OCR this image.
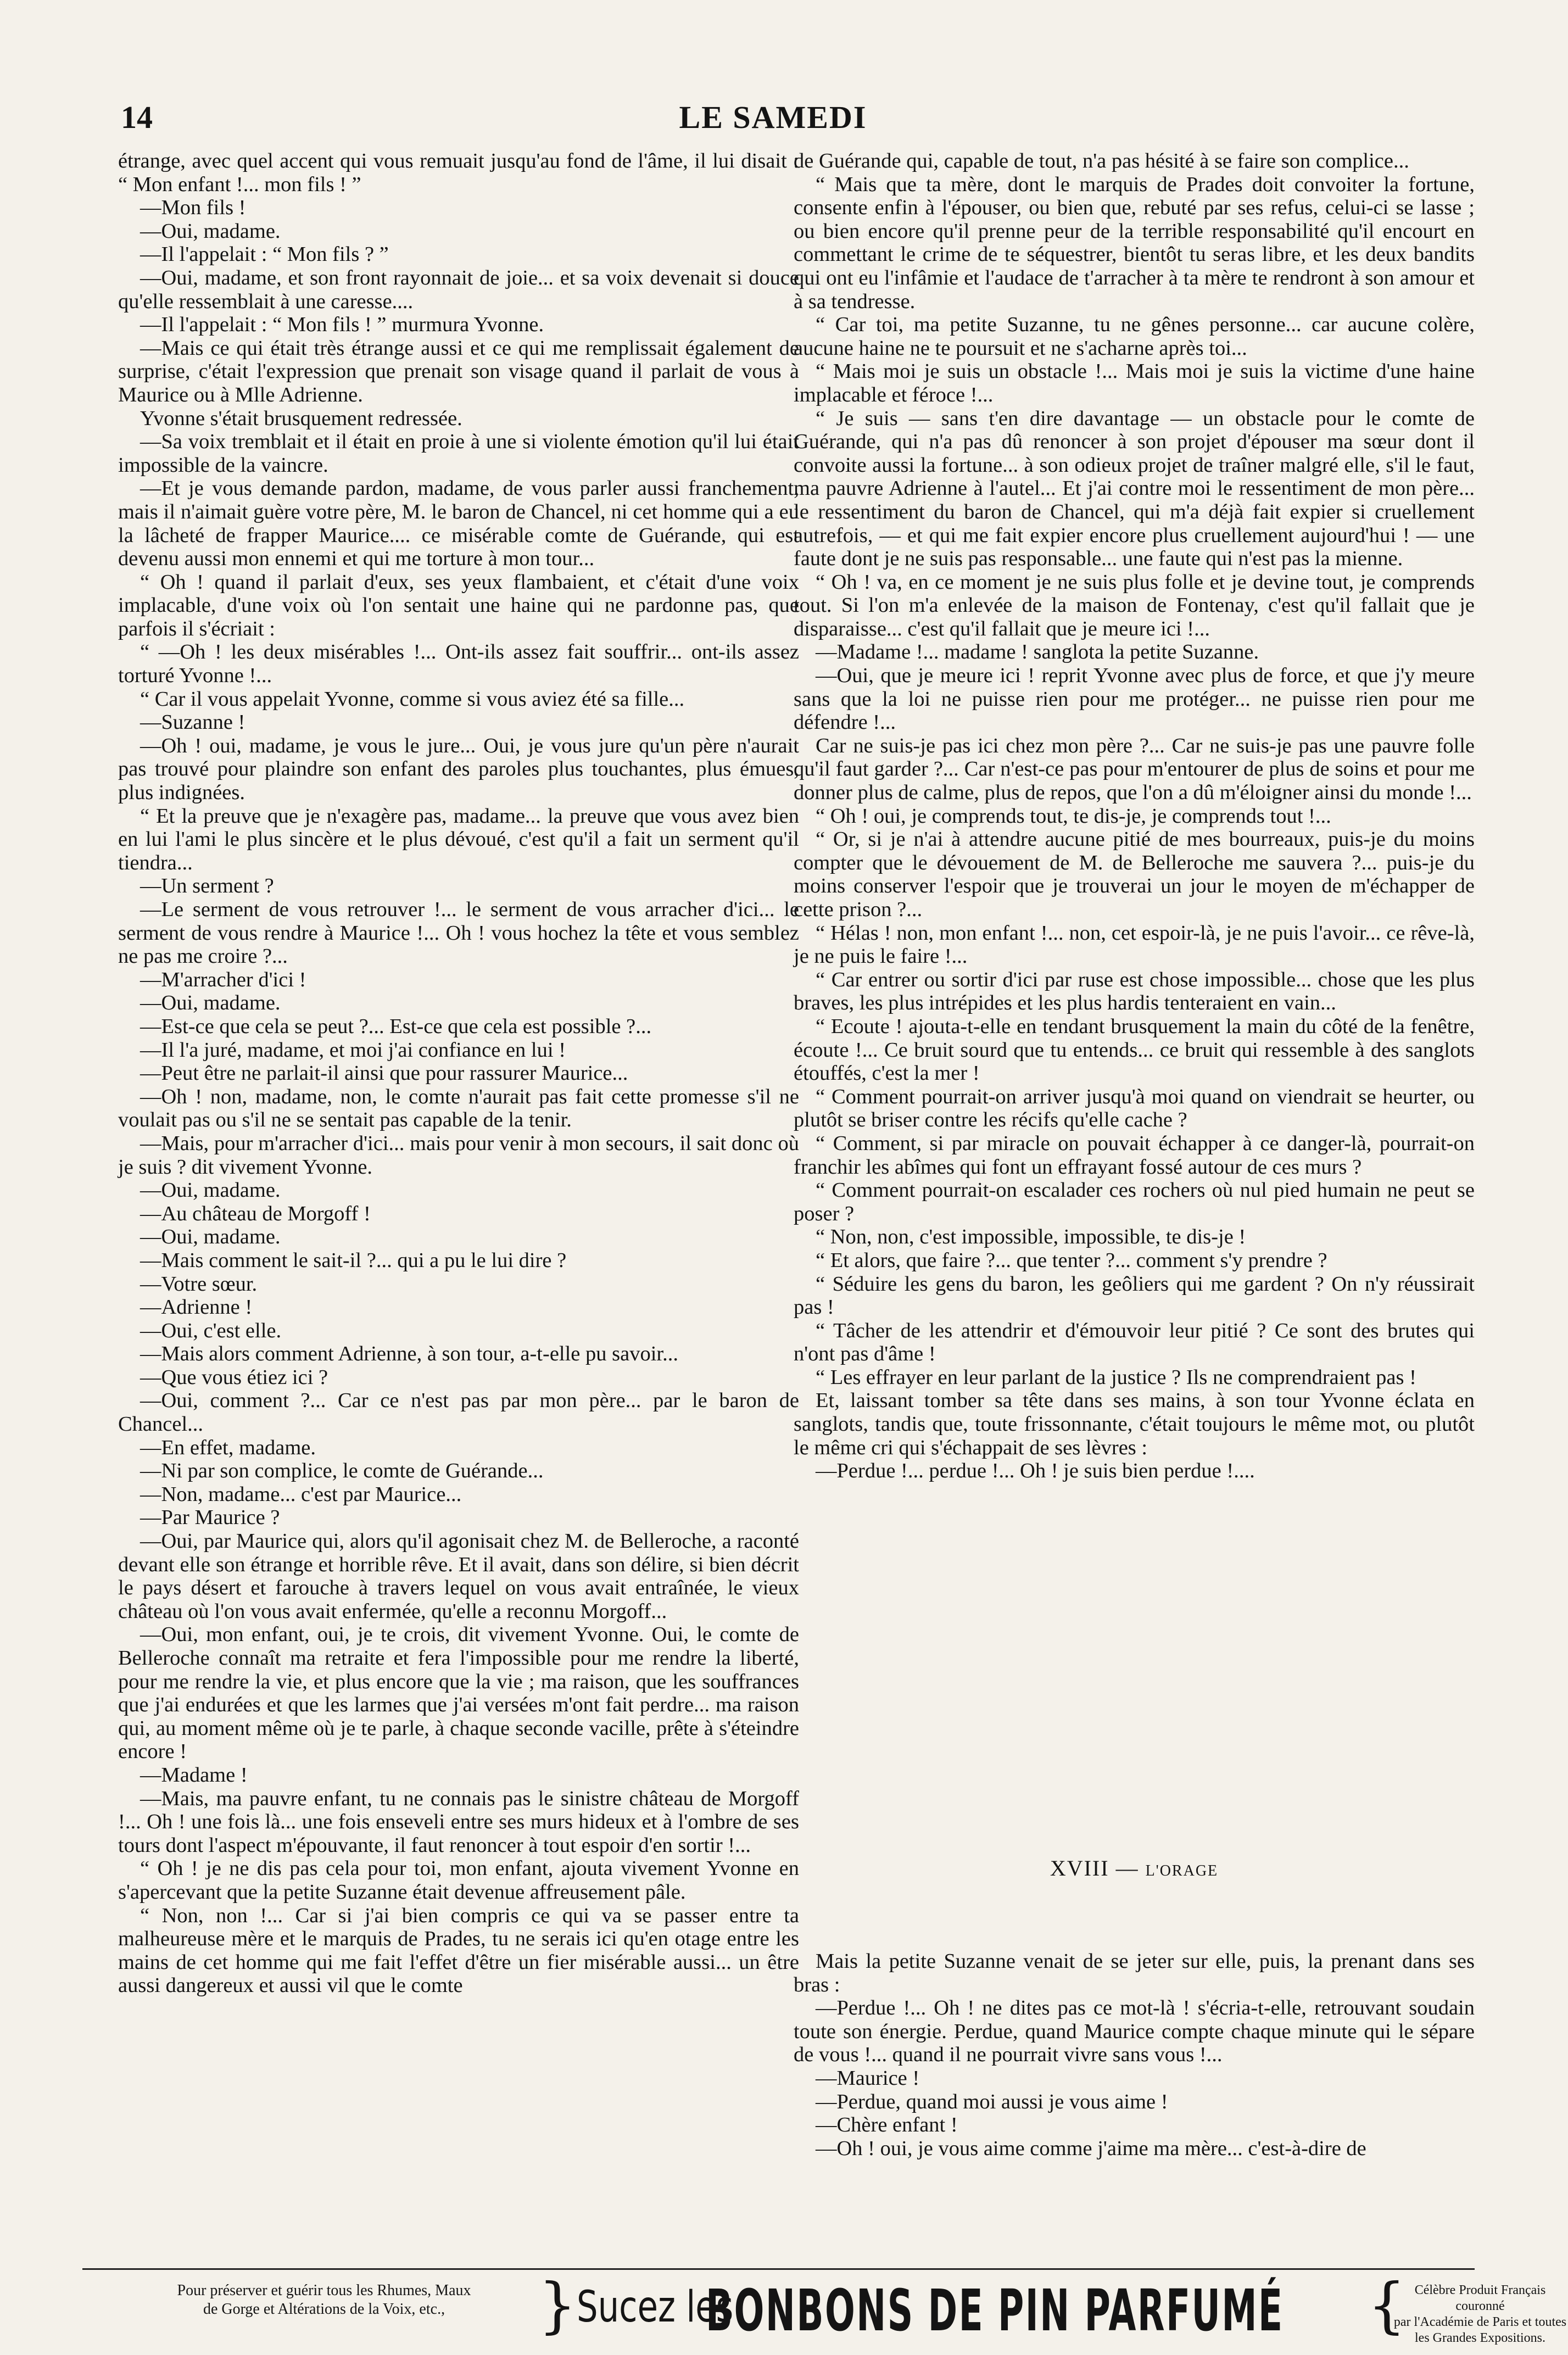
14	LE SAMEDI

étrange, avec quel accent qui vous remuait jusqu'au fond de l'âme, il lui disait : “ Mon enfant !... mon fils ! ”

—Mon fils !

—Oui, madame.

—Il l'appelait : “ Mon fils ? ”

—Oui, madame, et son front rayonnait de joie... et sa voix devenait si douce qu'elle ressemblait à une caresse....

—Il l'appelait : “ Mon fils ! ” murmura Yvonne.

—Mais ce qui était très étrange aussi et ce qui me remplissait également de surprise, c'était l'expression que prenait son visage quand il parlait de vous à Maurice ou à Mlle Adrienne.

Yvonne s'était brusquement redressée.

—Sa voix tremblait et il était en proie à une si violente émotion qu'il lui était impossible de la vaincre.

—Et je vous demande pardon, madame, de vous parler aussi franchement, mais il n'aimait guère votre père, M. le baron de Chancel, ni cet homme qui a eu la lâcheté de frapper Maurice.... ce misérable comte de Guérande, qui est devenu aussi mon ennemi et qui me torture à mon tour...

“ Oh ! quand il parlait d'eux, ses yeux flambaient, et c'était d'une voix implacable, d'une voix où l'on sentait une haine qui ne pardonne pas, que parfois il s'écriait :

“ —Oh ! les deux misérables !... Ont-ils assez fait souffrir... ont-ils assez torturé Yvonne !...

“ Car il vous appelait Yvonne, comme si vous aviez été sa fille...

—Suzanne !

—Oh ! oui, madame, je vous le jure... Oui, je vous jure qu'un père n'aurait pas trouvé pour plaindre son enfant des paroles plus touchantes, plus émues, plus indignées.

“ Et la preuve que je n'exagère pas, madame... la preuve que vous avez bien en lui l'ami le plus sincère et le plus dévoué, c'est qu'il a fait un serment qu'il tiendra...

—Un serment ?

—Le serment de vous retrouver !... le serment de vous arracher d'ici... le serment de vous rendre à Maurice !... Oh ! vous hochez la tête et vous semblez ne pas me croire ?...

—M'arracher d'ici !

—Oui, madame.

—Est-ce que cela se peut ?... Est-ce que cela est possible ?...

—Il l'a juré, madame, et moi j'ai confiance en lui !

—Peut être ne parlait-il ainsi que pour rassurer Maurice...

—Oh ! non, madame, non, le comte n'aurait pas fait cette promesse s'il ne voulait pas ou s'il ne se sentait pas capable de la tenir.

—Mais, pour m'arracher d'ici... mais pour venir à mon secours, il sait donc où je suis ? dit vivement Yvonne.

—Oui, madame.

—Au château de Morgoff !

—Oui, madame.

—Mais comment le sait-il ?... qui a pu le lui dire ?

—Votre sœur.

—Adrienne !

—Oui, c'est elle.

—Mais alors comment Adrienne, à son tour, a-t-elle pu savoir...

—Que vous étiez ici ?

—Oui, comment ?... Car ce n'est pas par mon père... par le baron de Chancel...

—En effet, madame.

—Ni par son complice, le comte de Guérande...

—Non, madame... c'est par Maurice...

—Par Maurice ?

—Oui, par Maurice qui, alors qu'il agonisait chez M. de Belleroche, a raconté devant elle son étrange et horrible rêve. Et il avait, dans son délire, si bien décrit le pays désert et farouche à travers lequel on vous avait entraînée, le vieux château où l'on vous avait enfermée, qu'elle a reconnu Morgoff...

—Oui, mon enfant, oui, je te crois, dit vivement Yvonne. Oui, le comte de Belleroche connaît ma retraite et fera l'impossible pour me rendre la liberté, pour me rendre la vie, et plus encore que la vie ; ma raison, que les souffrances que j'ai endurées et que les larmes que j'ai versées m'ont fait perdre... ma raison qui, au moment même où je te parle, à chaque seconde vacille, prête à s'éteindre encore !

—Madame !

—Mais, ma pauvre enfant, tu ne connais pas le sinistre château de Morgoff !... Oh ! une fois là... une fois enseveli entre ses murs hideux et à l'ombre de ses tours dont l'aspect m'épouvante, il faut renoncer à tout espoir d'en sortir !...

“ Oh ! je ne dis pas cela pour toi, mon enfant, ajouta vivement Yvonne en s'apercevant que la petite Suzanne était devenue affreusement pâle.

“ Non, non !... Car si j'ai bien compris ce qui va se passer entre ta malheureuse mère et le marquis de Prades, tu ne serais ici qu'en otage entre les mains de cet homme qui me fait l'effet d'être un fier misérable aussi... un être aussi dangereux et aussi vil que le comte

de Guérande qui, capable de tout, n'a pas hésité à se faire son complice...

“ Mais que ta mère, dont le marquis de Prades doit convoiter la fortune, consente enfin à l'épouser, ou bien que, rebuté par ses refus, celui-ci se lasse ; ou bien encore qu'il prenne peur de la terrible responsabilité qu'il encourt en commettant le crime de te séquestrer, bientôt tu seras libre, et les deux bandits qui ont eu l'infâmie et l'audace de t'arracher à ta mère te rendront à son amour et à sa tendresse.

“ Car toi, ma petite Suzanne, tu ne gênes personne... car aucune colère, aucune haine ne te poursuit et ne s'acharne après toi...

“ Mais moi je suis un obstacle !... Mais moi je suis la victime d'une haine implacable et féroce !...

“ Je suis — sans t'en dire davantage — un obstacle pour le comte de Guérande, qui n'a pas dû renoncer à son projet d'épouser ma sœur dont il convoite aussi la fortune... à son odieux projet de traîner malgré elle, s'il le faut, ma pauvre Adrienne à l'autel... Et j'ai contre moi le ressentiment de mon père... le ressentiment du baron de Chancel, qui m'a déjà fait expier si cruellement autrefois, — et qui me fait expier encore plus cruellement aujourd'hui ! — une faute dont je ne suis pas responsable... une faute qui n'est pas la mienne.

“ Oh ! va, en ce moment je ne suis plus folle et je devine tout, je comprends tout. Si l'on m'a enlevée de la maison de Fontenay, c'est qu'il fallait que je disparaisse... c'est qu'il fallait que je meure ici !...

—Madame !... madame ! sanglota la petite Suzanne.

—Oui, que je meure ici ! reprit Yvonne avec plus de force, et que j'y meure sans que la loi ne puisse rien pour me protéger... ne puisse rien pour me défendre !...

Car ne suis-je pas ici chez mon père ?... Car ne suis-je pas une pauvre folle qu'il faut garder ?... Car n'est-ce pas pour m'entourer de plus de soins et pour me donner plus de calme, plus de repos, que l'on a dû m'éloigner ainsi du monde !...

“ Oh ! oui, je comprends tout, te dis-je, je comprends tout !...

“ Or, si je n'ai à attendre aucune pitié de mes bourreaux, puis-je du moins compter que le dévouement de M. de Belleroche me sauvera ?... puis-je du moins conserver l'espoir que je trouverai un jour le moyen de m'échapper de cette prison ?...

“ Hélas ! non, mon enfant !... non, cet espoir-là, je ne puis l'avoir... ce rêve-là, je ne puis le faire !...

“ Car entrer ou sortir d'ici par ruse est chose impossible... chose que les plus braves, les plus intrépides et les plus hardis tenteraient en vain...

“ Ecoute ! ajouta-t-elle en tendant brusquement la main du côté de la fenêtre, écoute !... Ce bruit sourd que tu entends... ce bruit qui ressemble à des sanglots étouffés, c'est la mer !

“ Comment pourrait-on arriver jusqu'à moi quand on viendrait se heurter, ou plutôt se briser contre les récifs qu'elle cache ?

“ Comment, si par miracle on pouvait échapper à ce danger-là, pourrait-on franchir les abîmes qui font un effrayant fossé autour de ces murs ?

“ Comment pourrait-on escalader ces rochers où nul pied humain ne peut se poser ?

“ Non, non, c'est impossible, impossible, te dis-je !

“ Et alors, que faire ?... que tenter ?... comment s'y prendre ?

“ Séduire les gens du baron, les geôliers qui me gardent ? On n'y réussirait pas !

“ Tâcher de les attendrir et d'émouvoir leur pitié ? Ce sont des brutes qui n'ont pas d'âme !

“ Les effrayer en leur parlant de la justice ? Ils ne comprendraient pas !

Et, laissant tomber sa tête dans ses mains, à son tour Yvonne éclata en sanglots, tandis que, toute frissonnante, c'était toujours le même mot, ou plutôt le même cri qui s'échappait de ses lèvres :

—Perdue !... perdue !... Oh ! je suis bien perdue !....

XVIII — L'ORAGE

Mais la petite Suzanne venait de se jeter sur elle, puis, la prenant dans ses bras :

—Perdue !... Oh ! ne dites pas ce mot-là ! s'écria-t-elle, retrouvant soudain toute son énergie. Perdue, quand Maurice compte chaque minute qui le sépare de vous !... quand il ne pourrait vivre sans vous !...

—Maurice !

—Perdue, quand moi aussi je vous aime !

—Chère enfant !

—Oh ! oui, je vous aime comme j'aime ma mère... c'est-à-dire de

Pour préserver et guérir tous les Rhumes, Maux
de Gorge et Altérations de la Voix, etc.,	} Sucez les
BONBONS DE PIN PARFUMÉ { Célèbre Produit Français couronné
par l'Académie de Paris et toutes
les Grandes Expositions.
